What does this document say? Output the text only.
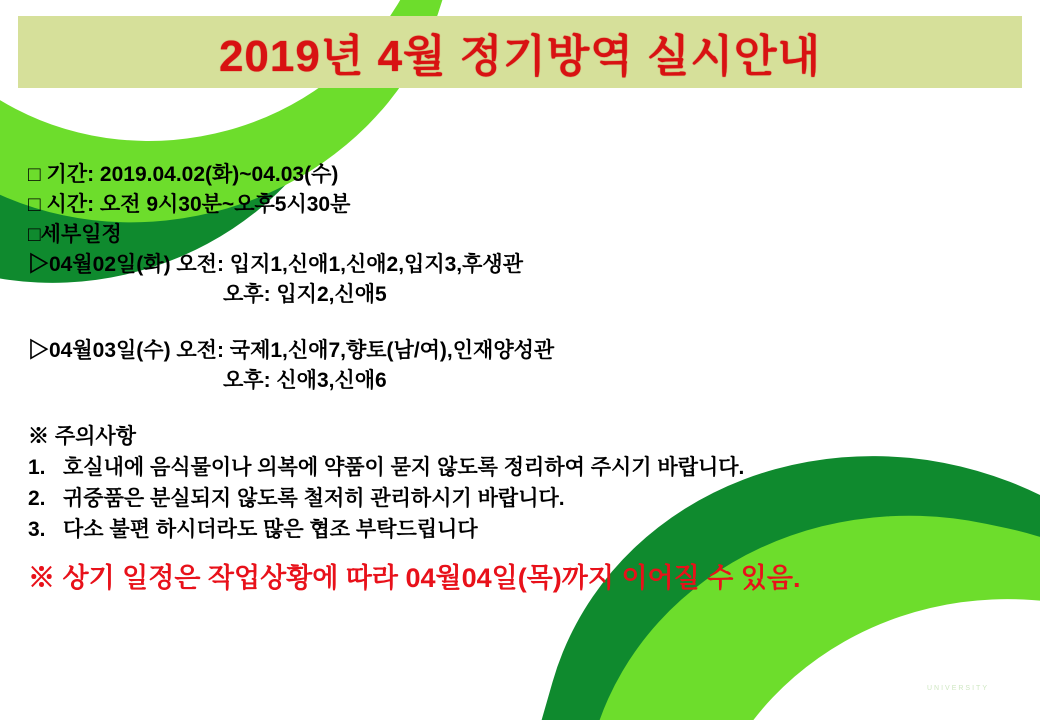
2019년 4월 정기방역 실시안내
□ 기간: 2019.04.02(화)~04.03(수)
□ 시간: 오전 9시30분~오후5시30분
□세부일정
▷04월02일(화) 오전: 입지1,신애1,신애2,입지3,후생관
오후: 입지2,신애5
▷04월03일(수) 오전: 국제1,신애7,향토(남/여),인재양성관
오후: 신애3,신애6
※ 주의사항
1.   호실내에 음식물이나 의복에 약품이 묻지 않도록 정리하여 주시기 바랍니다.
2.   귀중품은 분실되지 않도록 철저히 관리하시기 바랍니다.
3.   다소 불편 하시더라도 많은 협조 부탁드립니다
※ 상기 일정은 작업상황에 따라 04월04일(목)까지 이어질 수 있음.
DAEGU
UNIVERSITY
